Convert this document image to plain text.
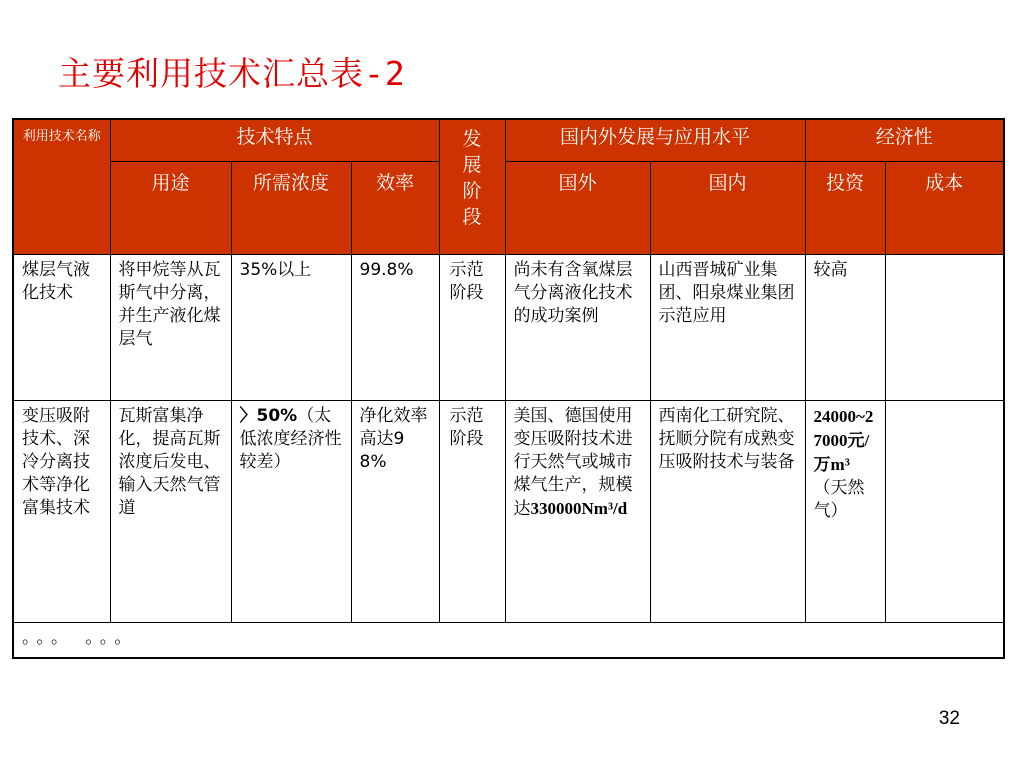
主要利用技术汇总表-2
利用技术名称	技术特点			发展阶段	国内外发展与应用水平		经济性	
	用途	所需浓度	效率		国外	国内	投资	成本
煤层气液化技术	将甲烷等从瓦斯气中分离，并生产液化煤层气	35%以上	99.8%	示范阶段	尚未有含氧煤层气分离液化技术的成功案例	山西晋城矿业集团、阳泉煤业集团示范应用	较高	
变压吸附技术、深冷分离技术等净化富集技术	瓦斯富集净化，提高瓦斯浓度后发电、输入天然气管道	〉50%（太低浓度经济性较差）	净化效率高达98%	示范阶段	美国、德国使用变压吸附技术进行天然气或城市煤气生产，规模达330000Nm³/d	西南化工研究院、抚顺分院有成熟变压吸附技术与装备	24000~27000元/万m³（天然气）	
。。。 。。。								
32
